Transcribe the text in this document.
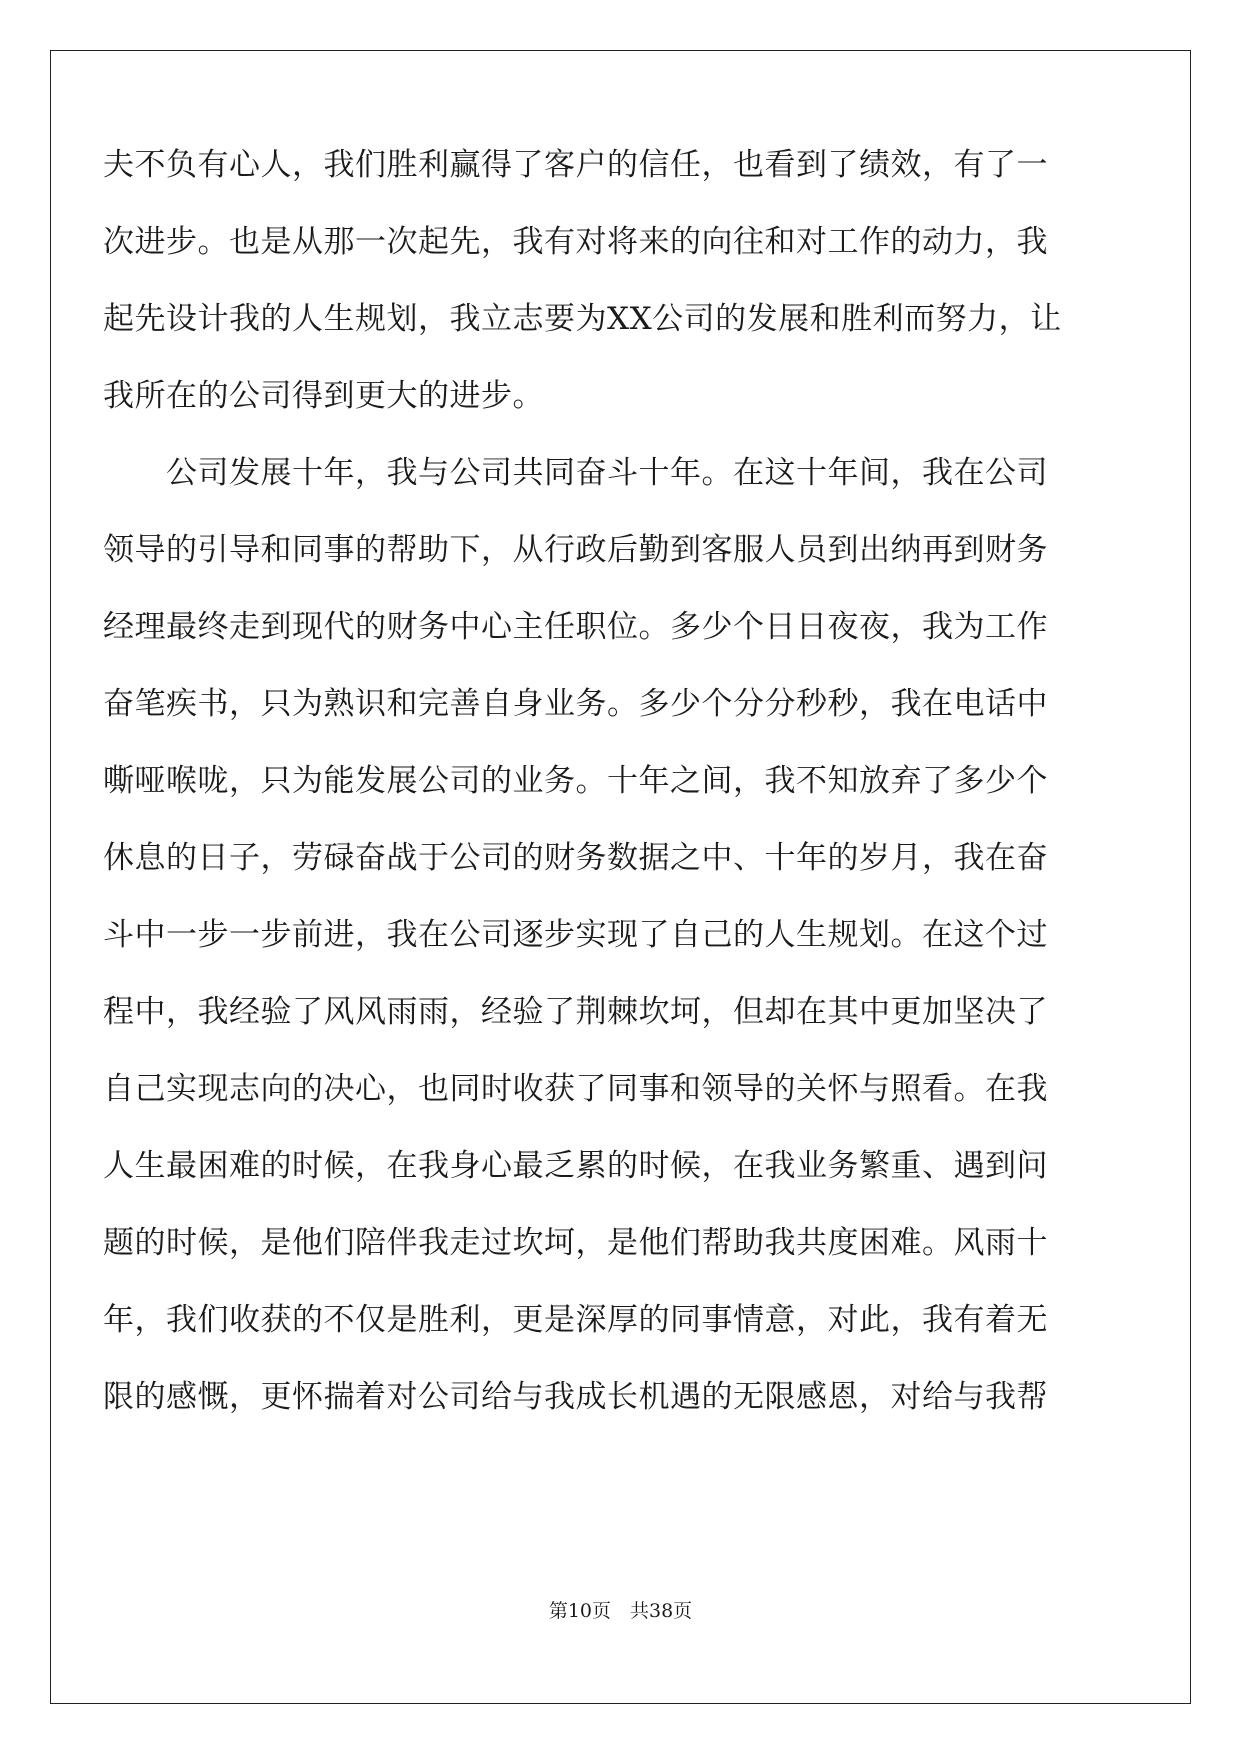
夫不负有心人，我们胜利赢得了客户的信任，也看到了绩效，有了一
次进步。也是从那一次起先，我有对将来的向往和对工作的动力，我
起先设计我的人生规划，我立志要为XX公司的发展和胜利而努力，让
我所在的公司得到更大的进步。
　　公司发展十年，我与公司共同奋斗十年。在这十年间，我在公司
领导的引导和同事的帮助下，从行政后勤到客服人员到出纳再到财务
经理最终走到现代的财务中心主任职位。多少个日日夜夜，我为工作
奋笔疾书，只为熟识和完善自身业务。多少个分分秒秒，我在电话中
嘶哑喉咙，只为能发展公司的业务。十年之间，我不知放弃了多少个
休息的日子，劳碌奋战于公司的财务数据之中、十年的岁月，我在奋
斗中一步一步前进，我在公司逐步实现了自己的人生规划。在这个过
程中，我经验了风风雨雨，经验了荆棘坎坷，但却在其中更加坚决了
自己实现志向的决心，也同时收获了同事和领导的关怀与照看。在我
人生最困难的时候，在我身心最乏累的时候，在我业务繁重、遇到问
题的时候，是他们陪伴我走过坎坷，是他们帮助我共度困难。风雨十
年，我们收获的不仅是胜利，更是深厚的同事情意，对此，我有着无
限的感慨，更怀揣着对公司给与我成长机遇的无限感恩，对给与我帮
第10页　共38页
